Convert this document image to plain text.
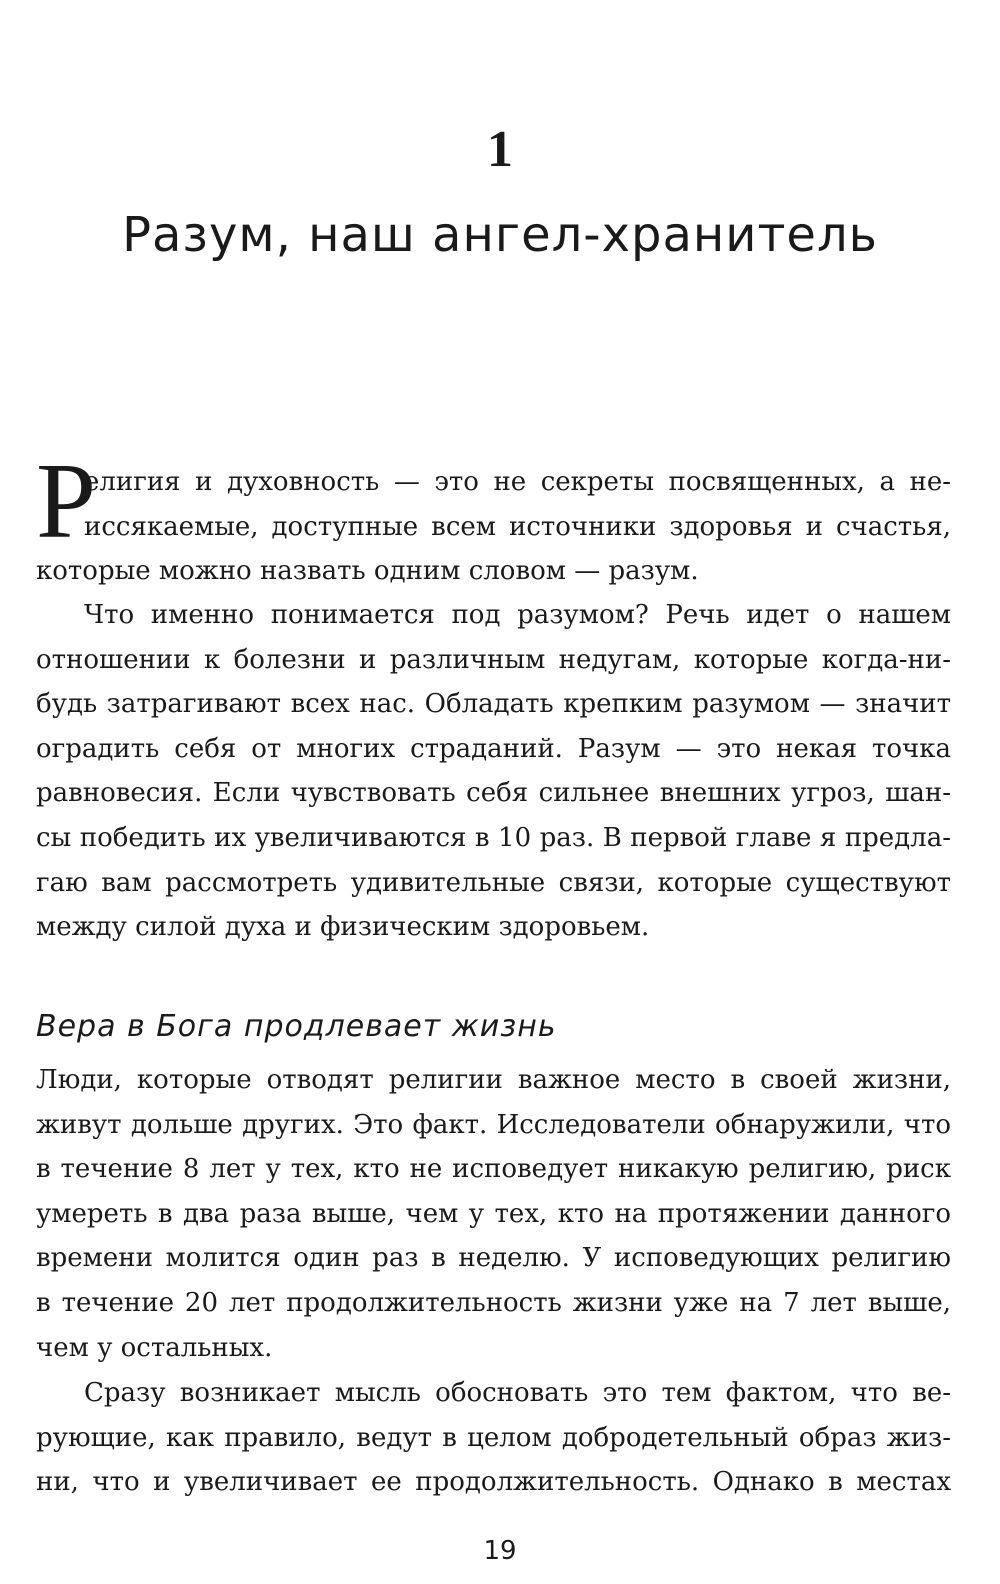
1
Разум, наш ангел-хранитель
Р
елигия и духовность — это не секреты посвященных, а не-
иссякаемые, доступные всем источники здоровья и счастья,
которые можно назвать одним словом — разум.
Что именно понимается под разумом? Речь идет о нашем
отношении к болезни и различным недугам, которые когда-ни-
будь затрагивают всех нас. Обладать крепким разумом — значит
оградить себя от многих страданий. Разум — это некая точка
равновесия. Если чувствовать себя сильнее внешних угроз, шан-
сы победить их увеличиваются в 10 раз. В первой главе я предла-
гаю вам рассмотреть удивительные связи, которые существуют
между силой духа и физическим здоровьем.
Вера в Бога продлевает жизнь
Люди, которые отводят религии важное место в своей жизни,
живут дольше других. Это факт. Исследователи обнаружили, что
в течение 8 лет у тех, кто не исповедует никакую религию, риск
умереть в два раза выше, чем у тех, кто на протяжении данного
времени молится один раз в неделю. У исповедующих религию
в течение 20 лет продолжительность жизни уже на 7 лет выше,
чем у остальных.
Сразу возникает мысль обосновать это тем фактом, что ве-
рующие, как правило, ведут в целом добродетельный образ жиз-
ни, что и увеличивает ее продолжительность. Однако в местах
19
